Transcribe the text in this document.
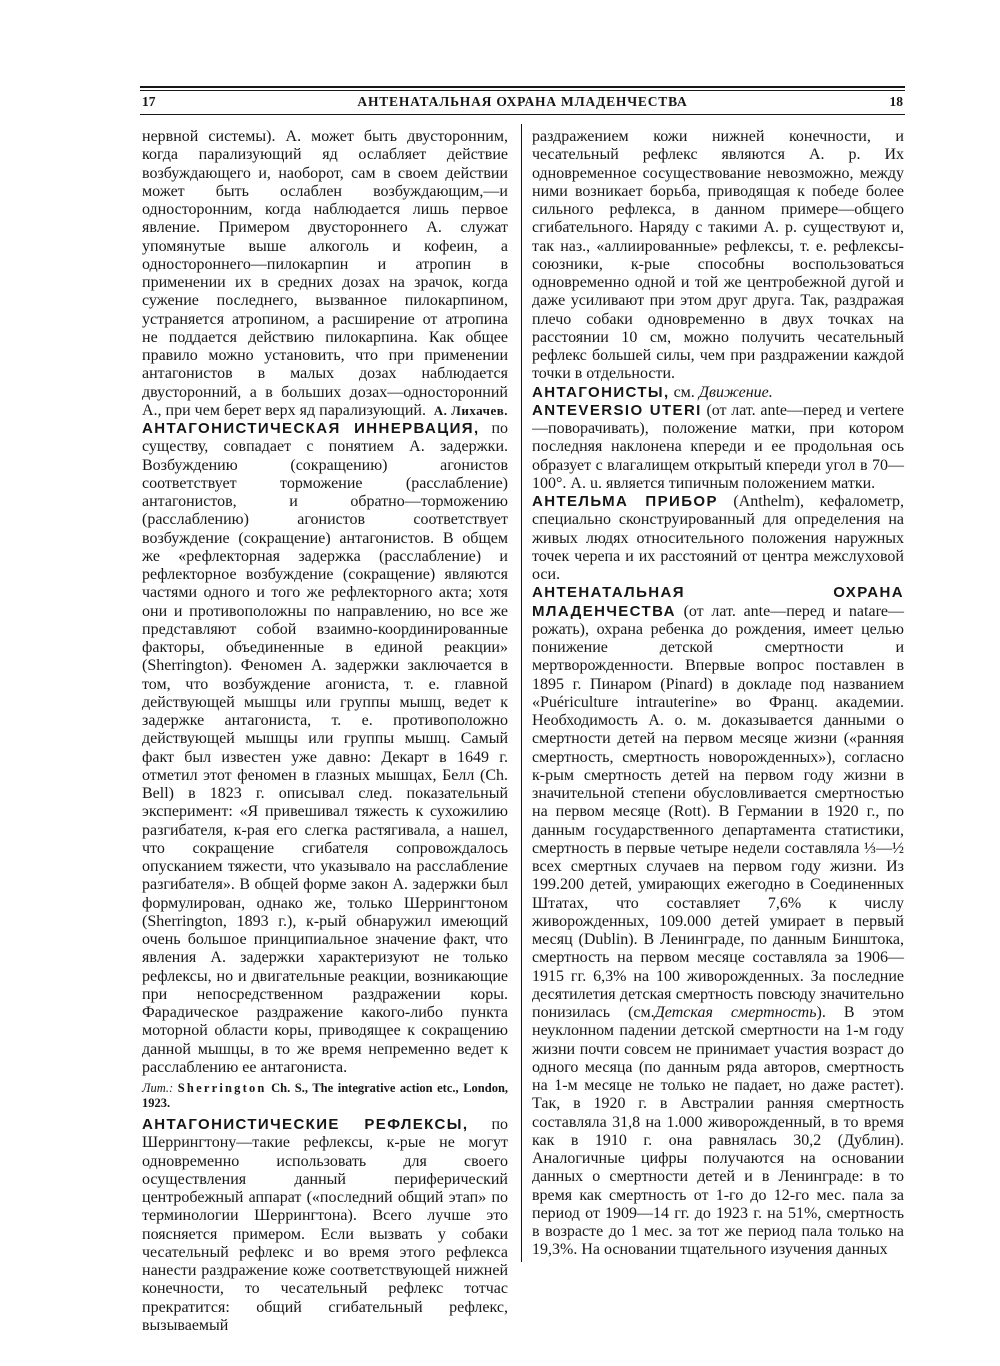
17	АНТЕНАТАЛЬНАЯ ОХРАНА МЛАДЕНЧЕСТВА	18

нервной системы). А. может быть двусторонним, когда парализующий яд ослабляет действие возбуждающего и, наоборот, сам в своем действии может быть ослаблен возбуждающим,—и односторонним, когда наблюдается лишь первое явление. Примером двустороннего А. служат упомянутые выше алкоголь и кофеин, а одностороннего—пилокарпин и атропин в применении их в средних дозах на зрачок, когда сужение последнего, вызванное пилокарпином, устраняется атропином, а расширение от атропина не поддается действию пилокарпина. Как общее правило можно установить, что при применении антагонистов в малых дозах наблюдается двусторонний, а в больших дозах—односторонний А., при чем берет верх яд парализующий. А. Лихачев.

АНТАГОНИСТИЧЕСКАЯ ИННЕРВАЦИЯ, по существу, совпадает с понятием А. задержки. Возбуждению (сокращению) агонистов соответствует торможение (расслабление) антагонистов, и обратно—торможению (расслаблению) агонистов соответствует возбуждение (сокращение) антагонистов. В общем же «рефлекторная задержка (расслабление) и рефлекторное возбуждение (сокращение) являются частями одного и того же рефлекторного акта; хотя они и противоположны по направлению, но все же представляют собой взаимно-координированные факторы, объединенные в единой реакции» (Sherrington). Феномен А. задержки заключается в том, что возбуждение агониста, т. е. главной действующей мышцы или группы мышц, ведет к задержке антагониста, т. е. противоположно действующей мышцы или группы мышц. Самый факт был известен уже давно: Декарт в 1649 г. отметил этот феномен в глазных мышцах, Белл (Ch. Bell) в 1823 г. описывал след. показательный эксперимент: «Я привешивал тяжесть к сухожилию разгибателя, к-рая его слегка растягивала, а нашел, что сокращение сгибателя сопровождалось опусканием тяжести, что указывало на расслабление разгибателя». В общей форме закон А. задержки был формулирован, однако же, только Шеррингтоном (Sherrington, 1893 г.), к-рый обнаружил имеющий очень большое принципиальное значение факт, что явления А. задержки характеризуют не только рефлексы, но и двигательные реакции, возникающие при непосредственном раздражении коры. Фарадическое раздражение какого-либо пункта моторной области коры, приводящее к сокращению данной мышцы, в то же время непременно ведет к расслаблению ее антагониста.

Лит.: Sherrington Ch. S., The integrative action etc., London, 1923.

АНТАГОНИСТИЧЕСКИЕ РЕФЛЕКСЫ, по Шеррингтону—такие рефлексы, к-рые не могут одновременно использовать для своего осуществления данный периферический центробежный аппарат («последний общий этап» по терминологии Шеррингтона). Всего лучше это поясняется примером. Если вызвать у собаки чесательный рефлекс и во время этого рефлекса нанести раздражение коже соответствующей нижней конечности, то чесательный рефлекс тотчас прекратится: общий сгибательный рефлекс, вызываемый

раздражением кожи нижней конечности, и чесательный рефлекс являются А. р. Их одновременное сосуществование невозможно, между ними возникает борьба, приводящая к победе более сильного рефлекса, в данном примере—общего сгибательного. Наряду с такими А. р. существуют и, так наз., «аллиированные» рефлексы, т. е. рефлексы-союзники, к-рые способны воспользоваться одновременно одной и той же центробежной дугой и даже усиливают при этом друг друга. Так, раздражая плечо собаки одновременно в двух точках на расстоянии 10 см, можно получить чесательный рефлекс большей силы, чем при раздражении каждой точки в отдельности.

АНТАГОНИСТЫ, см. Движение.

ANTEVERSIO UTERI (от лат. ante—перед и vertere—поворачивать), положение матки, при котором последняя наклонена кпереди и ее продольная ось образует с влагалищем открытый кпереди угол в 70—100°. A. u. является типичным положением матки.

АНТЕЛЬМА ПРИБОР (Anthelm), кефалометр, специально сконструированный для определения на живых людях относительного положения наружных точек черепа и их расстояний от центра межслуховой оси.

АНТЕНАТАЛЬНАЯ ОХРАНА МЛАДЕНЧЕСТВА (от лат. ante—перед и natare—рожать), охрана ребенка до рождения, имеет целью понижение детской смертности и мертворожденности. Впервые вопрос поставлен в 1895 г. Пинаром (Pinard) в докладе под названием «Puériculture intrauterine» во Франц. академии. Необходимость А. о. м. доказывается данными о смертности детей на первом месяце жизни («ранняя смертность, смертность новорожденных»), согласно к-рым смертность детей на первом году жизни в значительной степени обусловливается смертностью на первом месяце (Rott). В Германии в 1920 г., по данным государственного департамента статистики, смертность в первые четыре недели составляла ⅓—½ всех смертных случаев на первом году жизни. Из 199.200 детей, умирающих ежегодно в Соединенных Штатах, что составляет 7,6% к числу живорожденных, 109.000 детей умирает в первый месяц (Dublin). В Ленинграде, по данным Бинштока, смертность на первом месяце составляла за 1906—1915 гг. 6,3% на 100 живорожденных. За последние десятилетия детская смертность повсюду значительно понизилась (см.Детская смертность). В этом неуклонном падении детской смертности на 1-м году жизни почти совсем не принимает участия возраст до одного месяца (по данным ряда авторов, смертность на 1-м месяце не только не падает, но даже растет). Так, в 1920 г. в Австралии ранняя смертность составляла 31,8 на 1.000 живорожденный, в то время как в 1910 г. она равнялась 30,2 (Дублин). Аналогичные цифры получаются на основании данных о смертности детей и в Ленинграде: в то время как смертность от 1-го до 12-го мес. пала за период от 1909—14 гг. до 1923 г. на 51%, смертность в возрасте до 1 мес. за тот же период пала только на 19,3%. На основании тщательного изучения данных
